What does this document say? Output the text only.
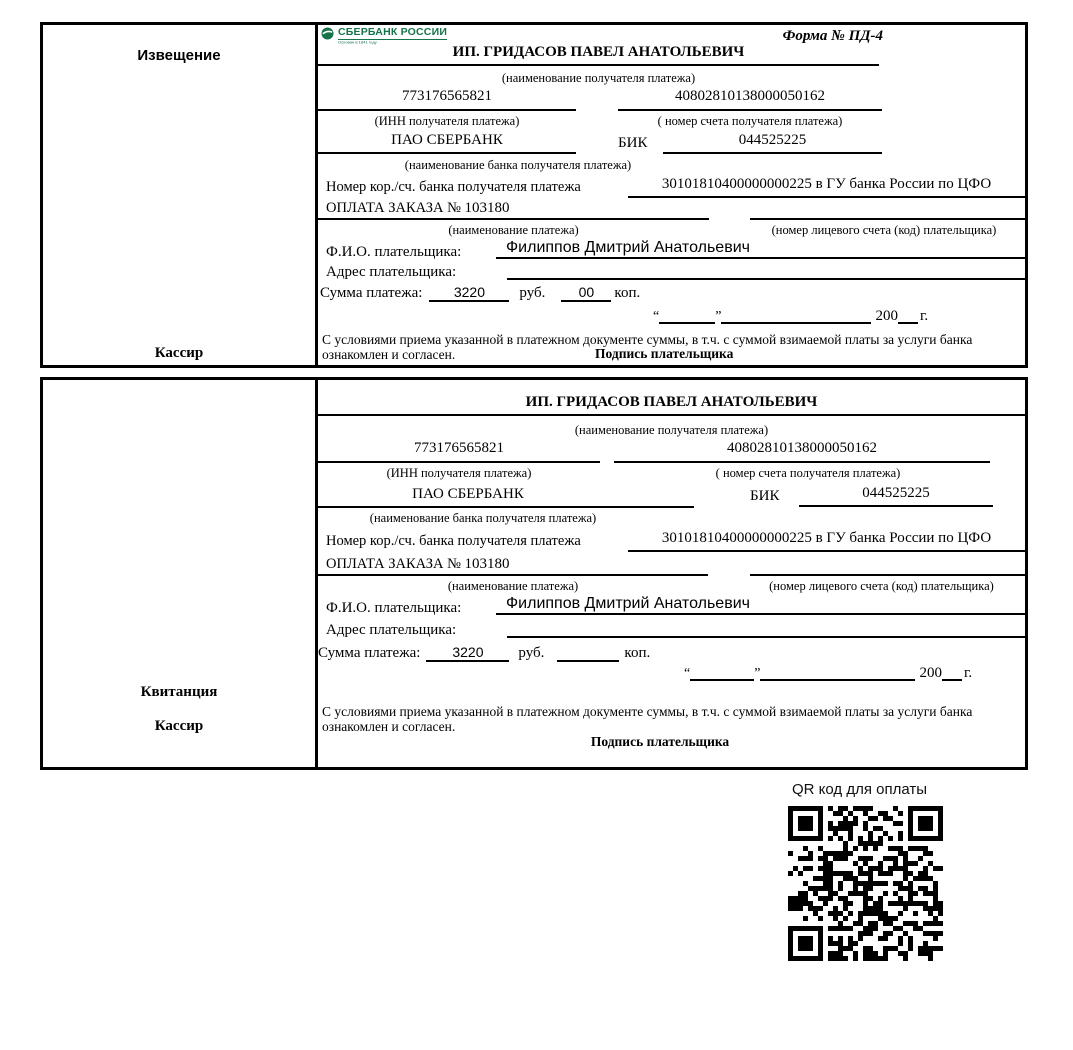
Извещение
Кассир
СБЕРБАНК РОССИИ
Основан в 1841 году	Форма № ПД-4
ИП. ГРИДАСОВ ПАВЕЛ АНАТОЛЬЕВИЧ
(наименование получателя платежа)
773176565821	40802810138000050162
(ИНН получателя платежа)	( номер счета получателя платежа)
ПАО СБЕРБАНК	БИК	044525225
(наименование банка получателя платежа)
Номер кор./сч. банка получателя платежа	30101810400000000225 в ГУ банка России по ЦФО
ОПЛАТА ЗАКАЗА № 103180
(наименование платежа)	(номер лицевого счета (код) плательщика)
Ф.И.О. плательщика:	Филиппов Дмитрий Анатольевич
Адрес плательщика:
Сумма платежа:	3220	руб.	00	коп.
“	”	200 г.
С условиями приема указанной в платежном документе суммы, в т.ч. с суммой взимаемой платы за услуги банка
ознакомлен и согласен.	Подпись плательщика
Квитанция
Кассир
ИП. ГРИДАСОВ ПАВЕЛ АНАТОЛЬЕВИЧ
(наименование получателя платежа)
773176565821	40802810138000050162
(ИНН получателя платежа)	( номер счета получателя платежа)
ПАО СБЕРБАНК	БИК	044525225
(наименование банка получателя платежа)
Номер кор./сч. банка получателя платежа	30101810400000000225 в ГУ банка России по ЦФО
ОПЛАТА ЗАКАЗА № 103180
(наименование платежа)	(номер лицевого счета (код) плательщика)
Ф.И.О. плательщика:	Филиппов Дмитрий Анатольевич
Адрес плательщика:
Сумма платежа:	3220	руб.	коп.
“	”	200 г.
С условиями приема указанной в платежном документе суммы, в т.ч. с суммой взимаемой платы за услуги банка
ознакомлен и согласен.
Подпись плательщика
QR код для оплаты
